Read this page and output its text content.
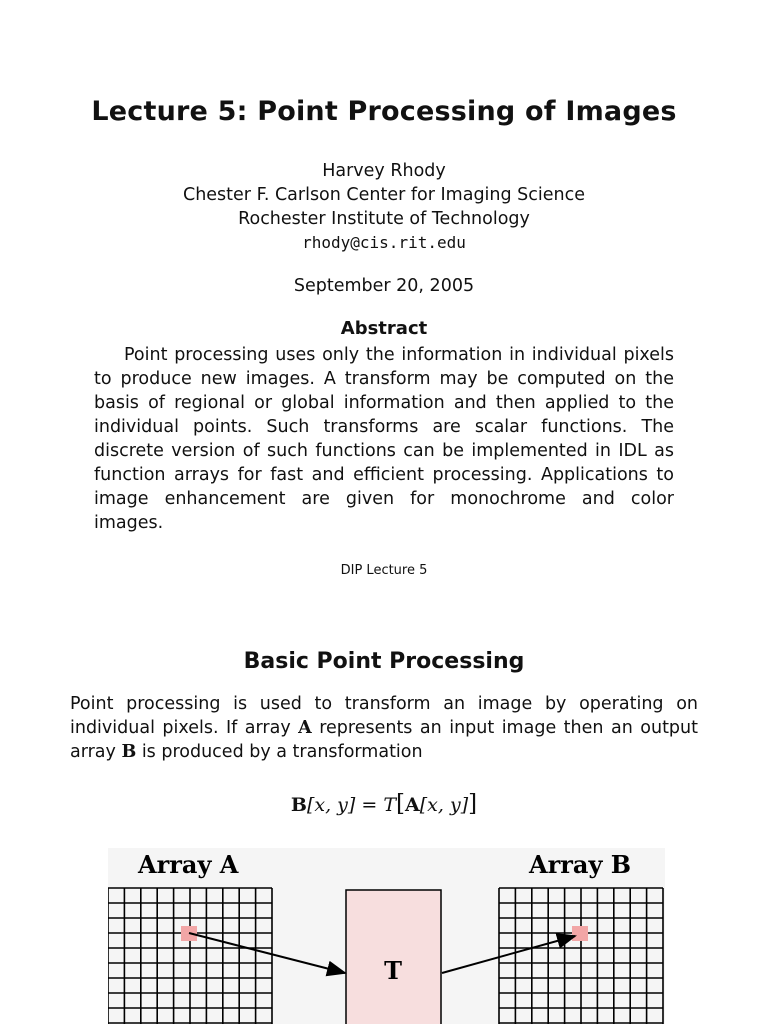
Lecture 5: Point Processing of Images
Harvey Rhody
Chester F. Carlson Center for Imaging Science
Rochester Institute of Technology
rhody@cis.rit.edu
September 20, 2005
Abstract
Point processing uses only the information in individual pixels to produce new images. A transform may be computed on the basis of regional or global information and then applied to the individual points. Such transforms are scalar functions. The discrete version of such functions can be implemented in IDL as function arrays for fast and efficient processing. Applications to image enhancement are given for monochrome and color images.
DIP Lecture 5
Basic Point Processing
Point processing is used to transform an image by operating on individual pixels. If array A represents an input image then an output array B is produced by a transformation
B[x, y] = T[A[x, y]]
Array A	Array B
T
